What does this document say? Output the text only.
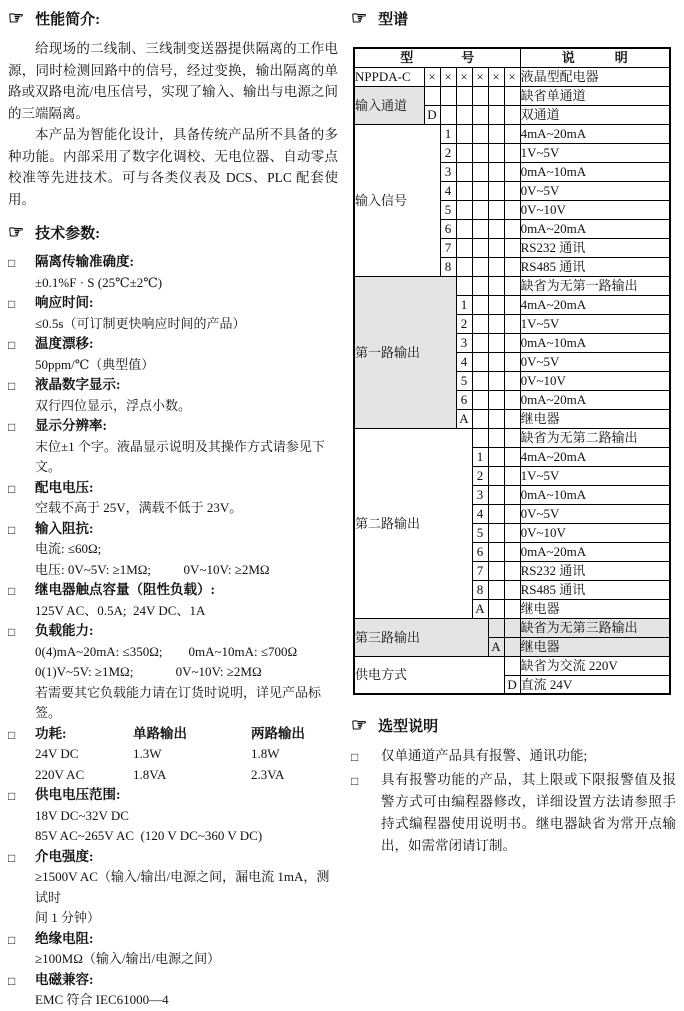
☞ 性能简介:

给现场的二线制、三线制变送器提供隔离的工作电源，同时检测回路中的信号，经过变换，输出隔离的单路或双路电流/电压信号，实现了输入、输出与电源之间的三端隔离。

本产品为智能化设计，具备传统产品所不具备的多种功能。内部采用了数字化调校、无电位器、自动零点校准等先进技术。可与各类仪表及 DCS、PLC 配套使用。

☞ 技术参数:
□	隔离传输准确度:
±0.1%F · S (25℃±2℃)
□	响应时间:
≤0.5s（可订制更快响应时间的产品）
□	温度漂移:
50ppm/℃（典型值）
□	液晶数字显示:
双行四位显示，浮点小数。
□	显示分辨率:
末位±1 个字。液晶显示说明及其操作方式请参见下文。
□	配电电压:
空载不高于 25V，满载不低于 23V。
□	输入阻抗:
电流: ≤60Ω;
电压: 0V~5V: ≥1MΩ;          0V~10V: ≥2MΩ
□	继电器触点容量（阻性负载）:
125V AC、0.5A;  24V DC、1A
□	负载能力:
0(4)mA~20mA: ≤350Ω;        0mA~10mA: ≤700Ω
0(1)V~5V: ≥1MΩ;             0V~10V: ≥2MΩ
若需要其它负载能力请在订货时说明，详见产品标签。
□	功耗:	单路输出	两路输出
24V DC	1.3W	1.8W
220V AC	1.8VA	2.3VA
□	供电电压范围:
18V DC~32V DC
85V AC~265V AC  (120 V DC~360 V DC)
□	介电强度:
≥1500V AC（输入/输出/电源之间，漏电流 1mA，测试时
间 1 分钟）
□	绝缘电阻:
≥100MΩ（输入/输出/电源之间）
□	电磁兼容:
EMC 符合 IEC61000—4
☞ 型谱
型 号							说 明

NPPDA-C	×	×	×	×	×	×	液晶型配电器
输入通道							缺省单通道
	D						双通道
输入信号		1					4mA~20mA
		2					1V~5V
		3					0mA~10mA
		4					0V~5V
		5					0V~10V
		6					0mA~20mA
		7					RS232 通讯
		8					RS485 通讯
第一路输出							缺省为无第一路输出
			1				4mA~20mA
			2				1V~5V
			3				0mA~10mA
			4				0V~5V
			5				0V~10V
			6				0mA~20mA
			A				继电器
第二路输出							缺省为无第二路输出
				1			4mA~20mA
				2			1V~5V
				3			0mA~10mA
				4			0V~5V
				5			0V~10V
				6			0mA~20mA
				7			RS232 通讯
				8			RS485 通讯
				A			继电器
第三路输出							缺省为无第三路输出
					A		继电器
供电方式							缺省为交流 220V
						D	直流 24V
☞ 选型说明
□	仅单通道产品具有报警、通讯功能;
□	具有报警功能的产品，其上限或下限报警值及报警方式可由编程器修改，详细设置方法请参照手持式编程器使用说明书。继电器缺省为常开点输出，如需常闭请订制。
